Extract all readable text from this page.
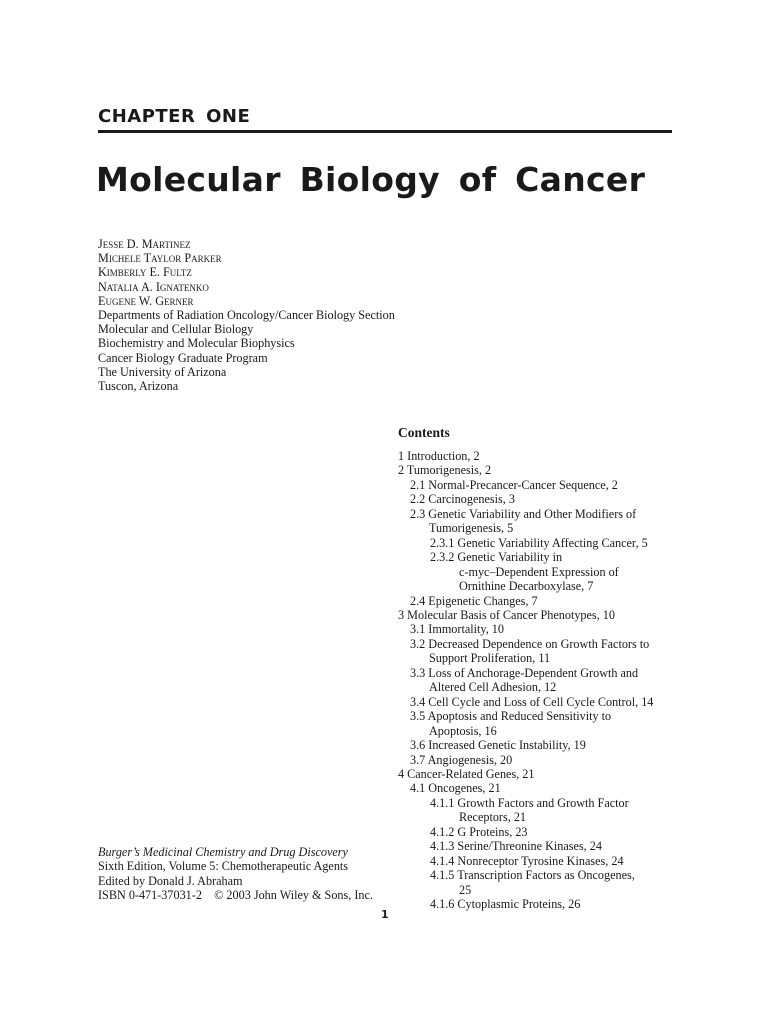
CHAPTER ONE
Molecular Biology of Cancer
Jesse D. Martinez
Michele Taylor Parker
Kimberly E. Fultz
Natalia A. Ignatenko
Eugene W. Gerner
Departments of Radiation Oncology/Cancer Biology Section
Molecular and Cellular Biology
Biochemistry and Molecular Biophysics
Cancer Biology Graduate Program
The University of Arizona
Tuscon, Arizona
Contents
1 Introduction, 2
2 Tumorigenesis, 2
2.1 Normal-Precancer-Cancer Sequence, 2
2.2 Carcinogenesis, 3
2.3 Genetic Variability and Other Modifiers of
Tumorigenesis, 5
2.3.1 Genetic Variability Affecting Cancer, 5
2.3.2 Genetic Variability in
c-myc–Dependent Expression of
Ornithine Decarboxylase, 7
2.4 Epigenetic Changes, 7
3 Molecular Basis of Cancer Phenotypes, 10
3.1 Immortality, 10
3.2 Decreased Dependence on Growth Factors to
Support Proliferation, 11
3.3 Loss of Anchorage-Dependent Growth and
Altered Cell Adhesion, 12
3.4 Cell Cycle and Loss of Cell Cycle Control, 14
3.5 Apoptosis and Reduced Sensitivity to
Apoptosis, 16
3.6 Increased Genetic Instability, 19
3.7 Angiogenesis, 20
4 Cancer-Related Genes, 21
4.1 Oncogenes, 21
4.1.1 Growth Factors and Growth Factor
Receptors, 21
4.1.2 G Proteins, 23
4.1.3 Serine/Threonine Kinases, 24
4.1.4 Nonreceptor Tyrosine Kinases, 24
4.1.5 Transcription Factors as Oncogenes,
25
4.1.6 Cytoplasmic Proteins, 26
Burger’s Medicinal Chemistry and Drug Discovery
Sixth Edition, Volume 5: Chemotherapeutic Agents
Edited by Donald J. Abraham
ISBN 0-471-37031-2    © 2003 John Wiley & Sons, Inc.
1
